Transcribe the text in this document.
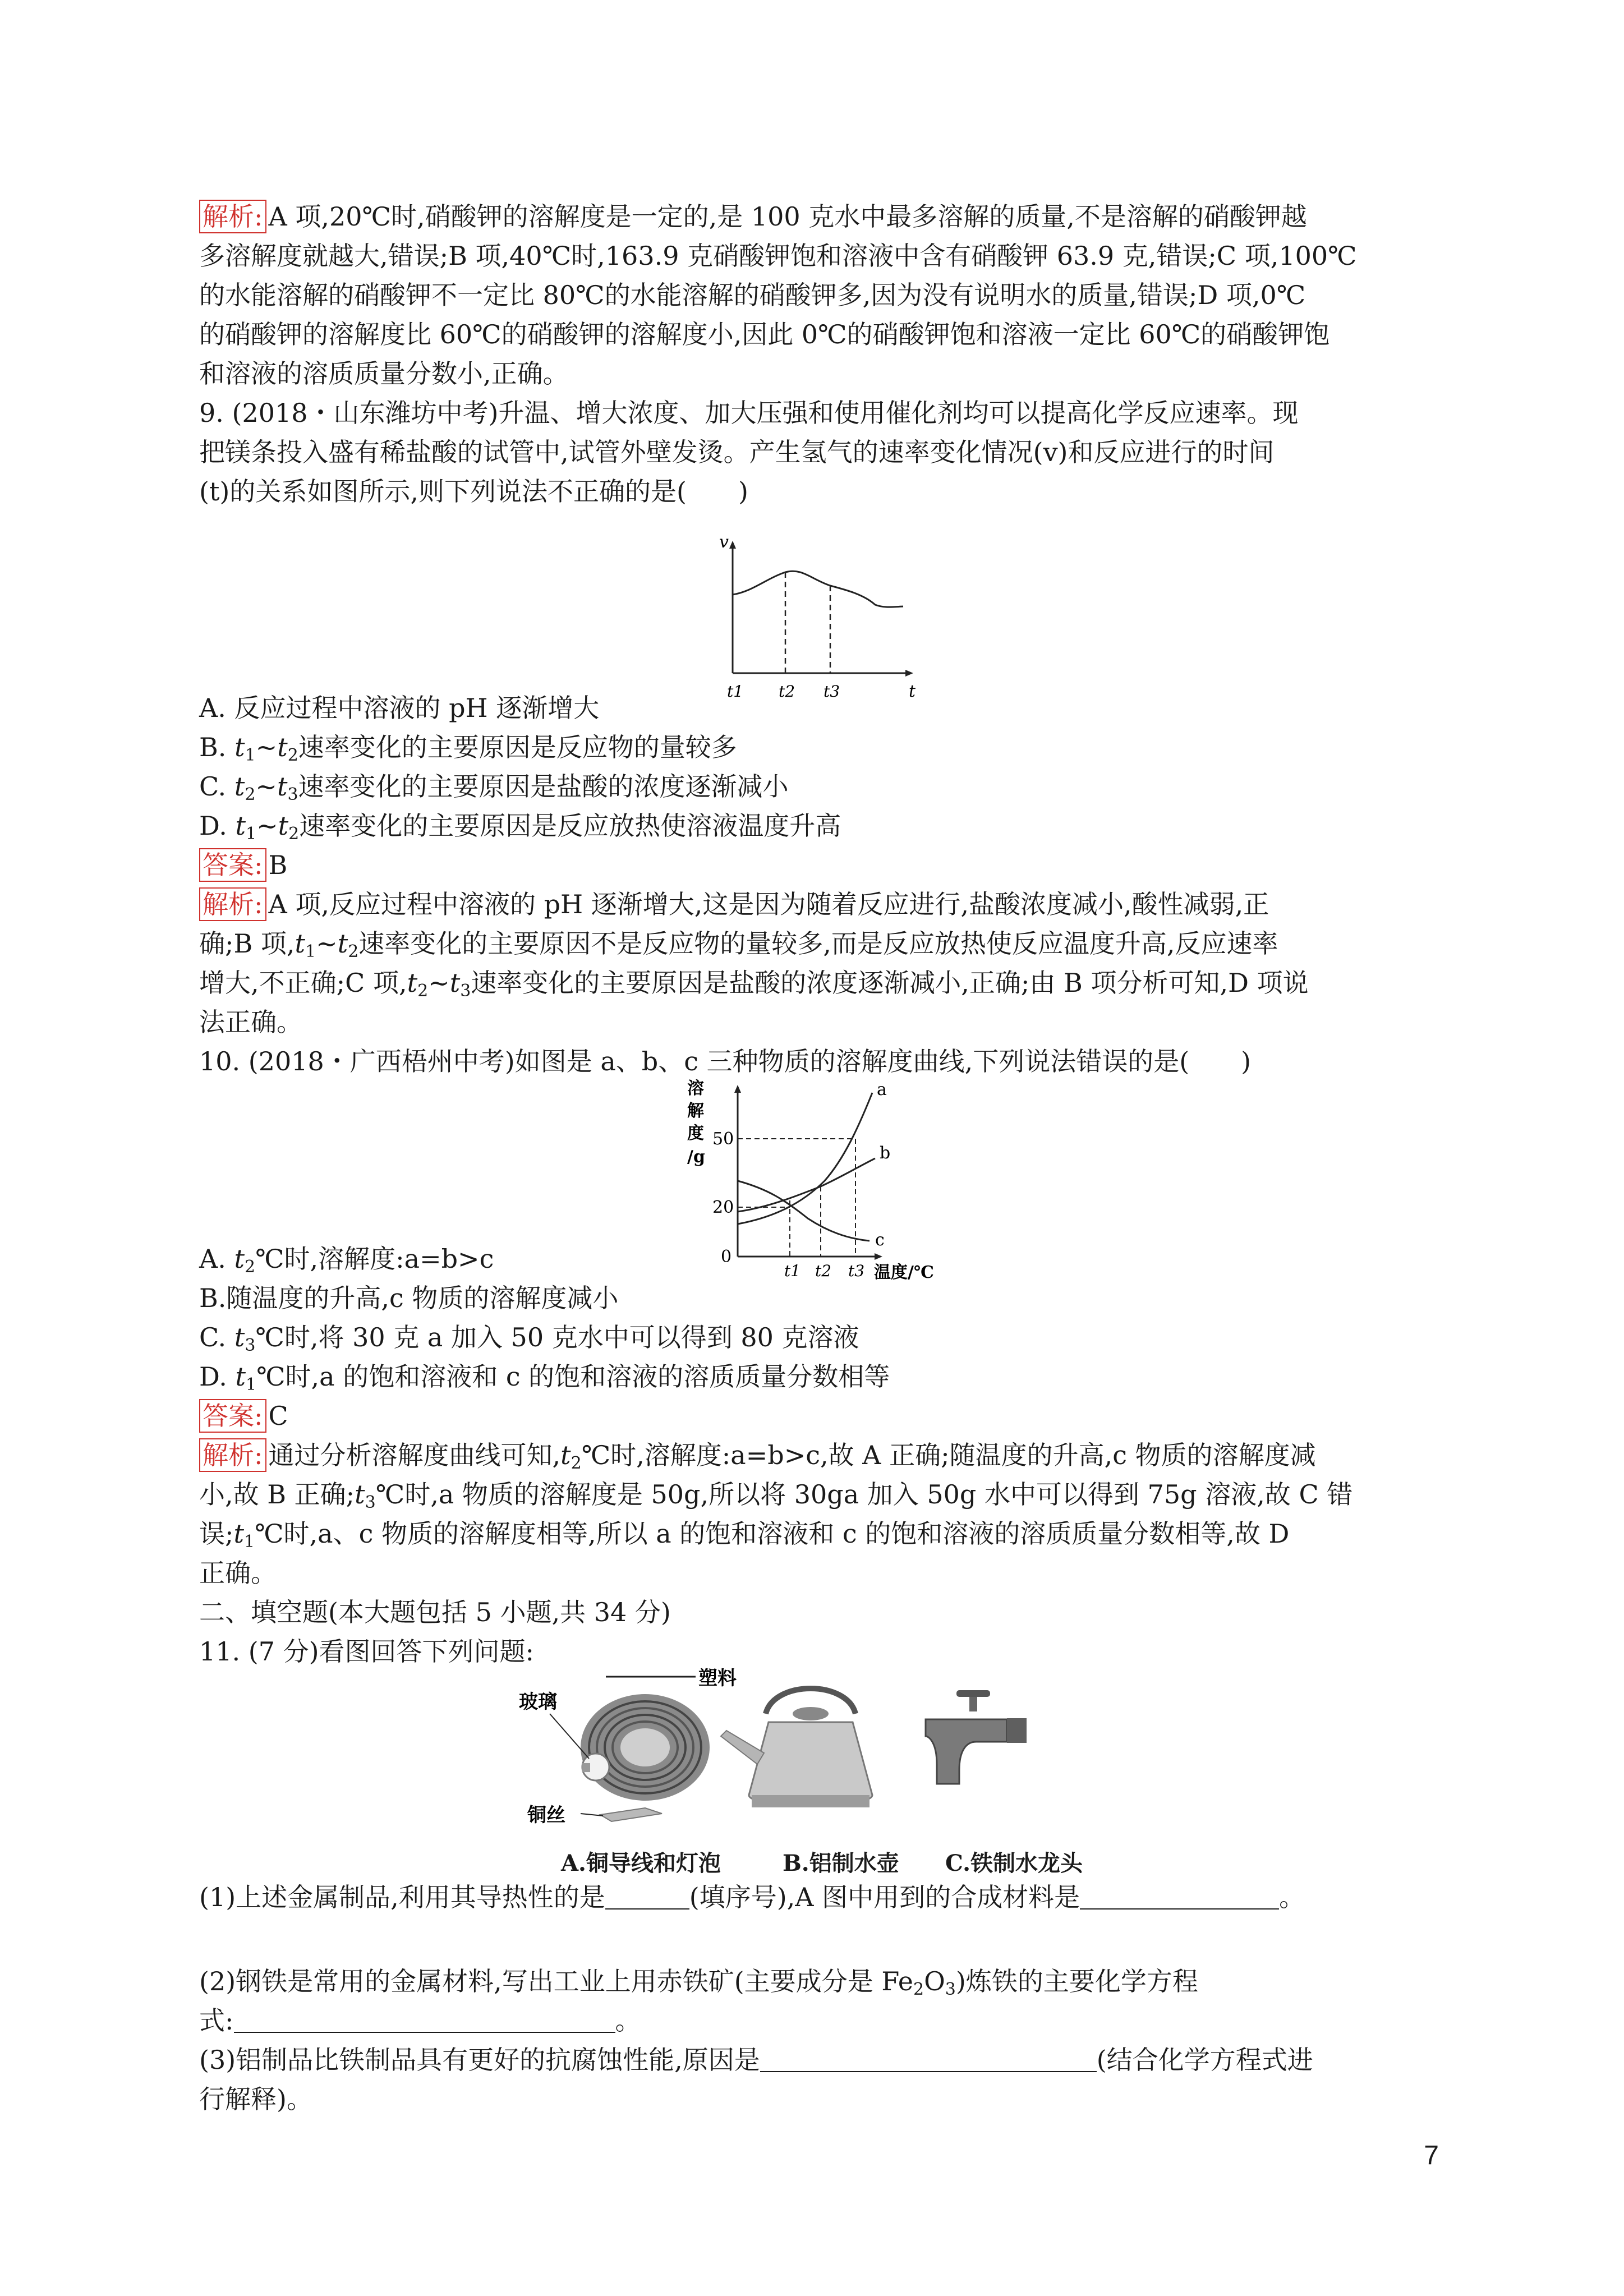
解析: A 项,20℃时,硝酸钾的溶解度是一定的,是 100 克水中最多溶解的质量,不是溶解的硝酸钾越
多溶解度就越大,错误;B 项,40℃时,163.9 克硝酸钾饱和溶液中含有硝酸钾 63.9 克,错误;C 项,100℃
的水能溶解的硝酸钾不一定比 80℃的水能溶解的硝酸钾多,因为没有说明水的质量,错误;D 项,0℃
的硝酸钾的溶解度比 60℃的硝酸钾的溶解度小,因此 0℃的硝酸钾饱和溶液一定比 60℃的硝酸钾饱
和溶液的溶质质量分数小,正确。
9. (2018・山东潍坊中考)升温、增大浓度、加大压强和使用催化剂均可以提高化学反应速率。现
把镁条投入盛有稀盐酸的试管中,试管外壁发烫。产生氢气的速率变化情况(v)和反应进行的时间
(t)的关系如图所示,则下列说法不正确的是(　　)
v
t
t1 t2 t3
A. 反应过程中溶液的 pH 逐渐增大
B. $t_1\sim t_2$速率变化的主要原因是反应物的量较多
C. $t_2\sim t_3$速率变化的主要原因是盐酸的浓度逐渐减小
D. $t_1\sim t_2$速率变化的主要原因是反应放热使溶液温度升高
答案: B
解析: A 项,反应过程中溶液的 pH 逐渐增大,这是因为随着反应进行,盐酸浓度减小,酸性减弱,正
确;B 项$,t_1\sim t_2$速率变化的主要原因不是反应物的量较多,而是反应放热使反应温度升高,反应速率
增大,不正确;C 项$,t_2\sim t_3$速率变化的主要原因是盐酸的浓度逐渐减小,正确;由 B 项分析可知,D 项说
法正确。
10. (2018・广西梧州中考)如图是 a、b、c 三种物质的溶解度曲线,下列说法错误的是(　　)
a
b
c
溶
解
度
/g
50
20
0
t1 t2 t3 温度/℃
A. $t_2℃$时,溶解度:a=b>c
B.随温度的升高,c 物质的溶解度减小
C. $t_3℃$时,将 30 克 a 加入 50 克水中可以得到 80 克溶液
D. $t_1℃$时,a 的饱和溶液和 c 的饱和溶液的溶质质量分数相等
答案: C
解析: 通过分析溶解度曲线可知$,t_2℃$时,溶解度:a=b>c,故 A 正确;随温度的升高,c 物质的溶解度减
小,故 B 正确$;t_3℃$时,a 物质的溶解度是 50g,所以将 30ga 加入 50g 水中可以得到 75g 溶液,故 C 错
误$;t_1℃$时,a、c 物质的溶解度相等,所以 a 的饱和溶液和 c 的饱和溶液的溶质质量分数相等,故 D
正确。
二、填空题(本大题包括 5 小题,共 34 分)
11. (7 分)看图回答下列问题:
玻璃
塑料
铜丝
A.铜导线和灯泡	B.铝制水壶 C.铁制水龙头
(1)上述金属制品,利用其导热性的是	(填序号),A 图中用到的合成材料是	。
(2)钢铁是常用的金属材料,写出工业上用赤铁矿(主要成分是 $Fe_2O_3$)炼铁的主要化学方程
式:	。
(3)铝制品比铁制品具有更好的抗腐蚀性能,原因是	(结合化学方程式进
行解释)。
7
